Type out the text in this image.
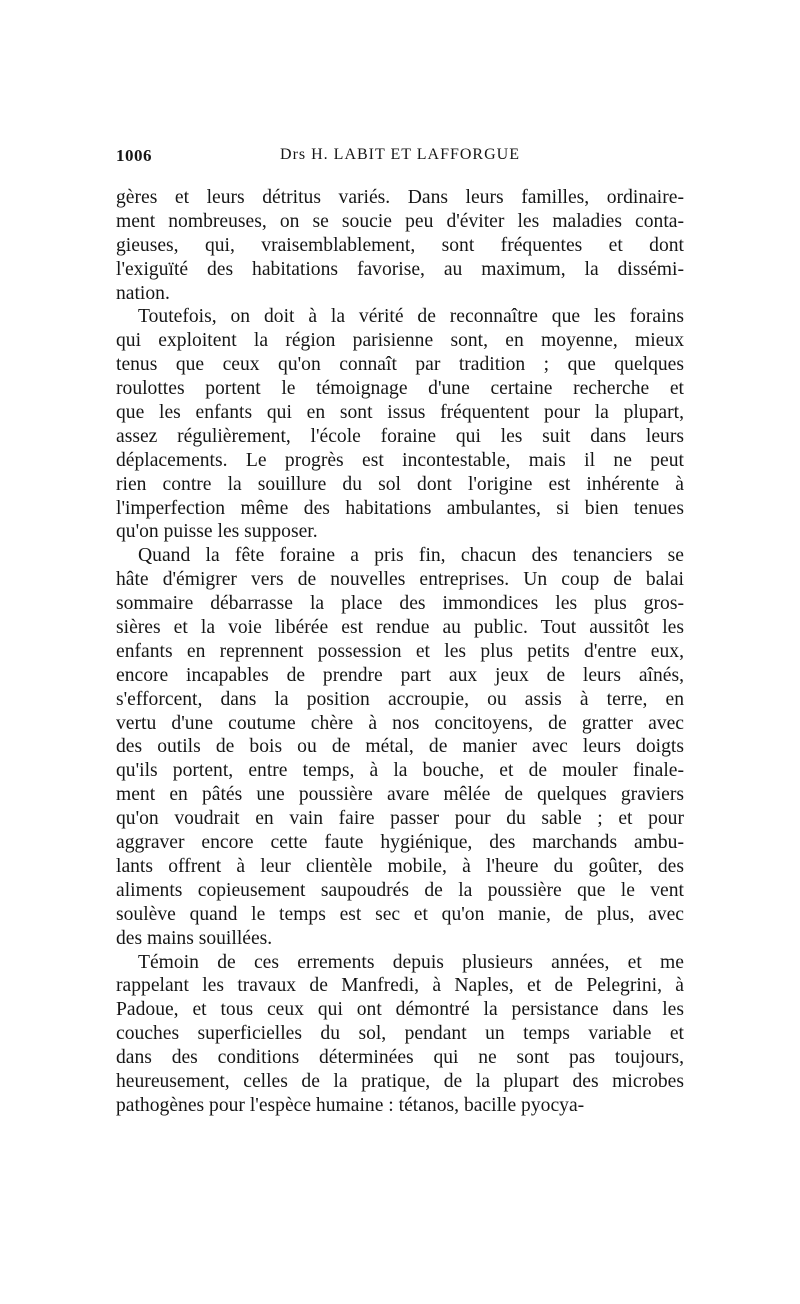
1006	Drs H. LABIT ET LAFFORGUE
gères et leurs détritus variés. Dans leurs familles, ordinaire-
ment nombreuses, on se soucie peu d'éviter les maladies conta-
gieuses, qui, vraisemblablement, sont fréquentes et dont
l'exiguïté des habitations favorise, au maximum, la dissémi-
nation.
Toutefois, on doit à la vérité de reconnaître que les forains
qui exploitent la région parisienne sont, en moyenne, mieux
tenus que ceux qu'on connaît par tradition ; que quelques
roulottes portent le témoignage d'une certaine recherche et
que les enfants qui en sont issus fréquentent pour la plupart,
assez régulièrement, l'école foraine qui les suit dans leurs
déplacements. Le progrès est incontestable, mais il ne peut
rien contre la souillure du sol dont l'origine est inhérente à
l'imperfection même des habitations ambulantes, si bien tenues
qu'on puisse les supposer.
Quand la fête foraine a pris fin, chacun des tenanciers se
hâte d'émigrer vers de nouvelles entreprises. Un coup de balai
sommaire débarrasse la place des immondices les plus gros-
sières et la voie libérée est rendue au public. Tout aussitôt les
enfants en reprennent possession et les plus petits d'entre eux,
encore incapables de prendre part aux jeux de leurs aînés,
s'efforcent, dans la position accroupie, ou assis à terre, en
vertu d'une coutume chère à nos concitoyens, de gratter avec
des outils de bois ou de métal, de manier avec leurs doigts
qu'ils portent, entre temps, à la bouche, et de mouler finale-
ment en pâtés une poussière avare mêlée de quelques graviers
qu'on voudrait en vain faire passer pour du sable ; et pour
aggraver encore cette faute hygiénique, des marchands ambu-
lants offrent à leur clientèle mobile, à l'heure du goûter, des
aliments copieusement saupoudrés de la poussière que le vent
soulève quand le temps est sec et qu'on manie, de plus, avec
des mains souillées.
Témoin de ces errements depuis plusieurs années, et me
rappelant les travaux de Manfredi, à Naples, et de Pelegrini, à
Padoue, et tous ceux qui ont démontré la persistance dans les
couches superficielles du sol, pendant un temps variable et
dans des conditions déterminées qui ne sont pas toujours,
heureusement, celles de la pratique, de la plupart des microbes
pathogènes pour l'espèce humaine : tétanos, bacille pyocya-
